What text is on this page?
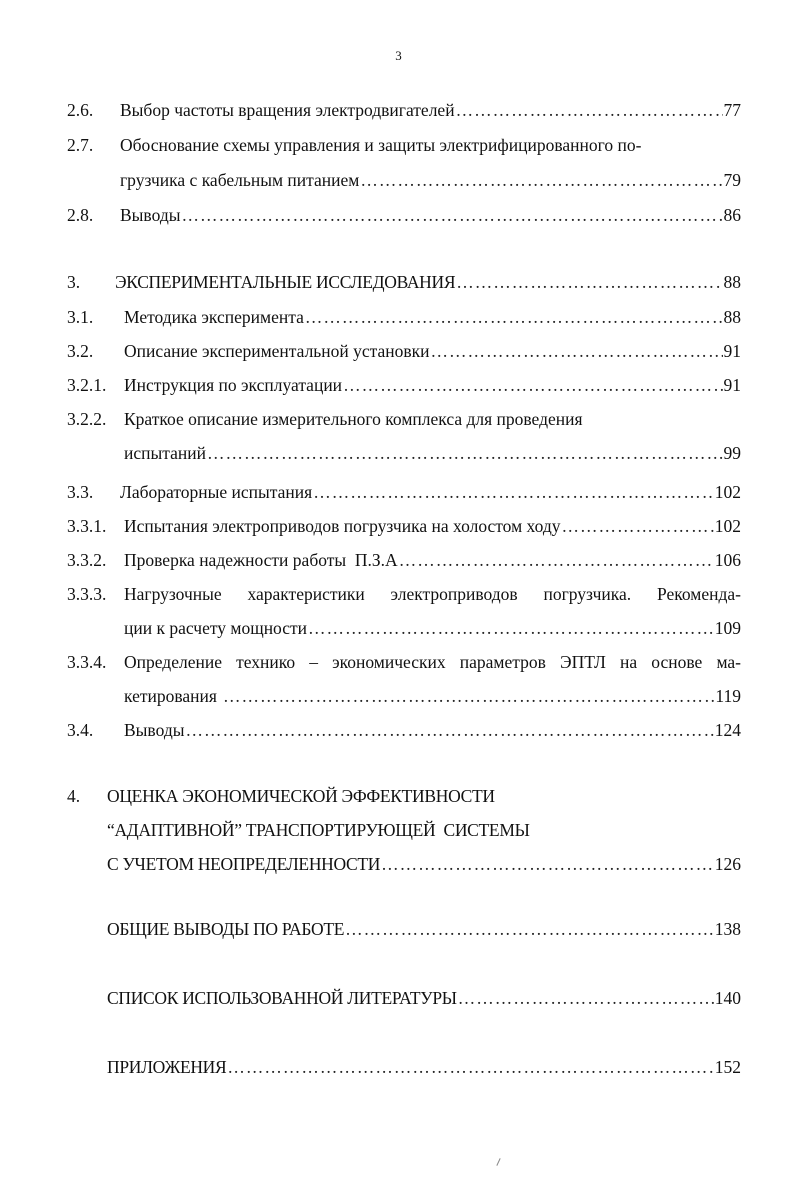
3
2.6.	Выбор частоты вращения электродвигателей ………………………………………………………………………………………………………………………………………………………………………	77
2.7.	Обоснование схемы управления и защиты электрифицированного по-
грузчика с кабельным питанием ………………………………………………………………………………………………………………………………………………………………………	79
2.8.	Выводы ………………………………………………………………………………………………………………………………………………………………………	86
3.	ЭКСПЕРИМЕНТАЛЬНЫЕ ИССЛЕДОВАНИЯ ………………………………………………………………………………………………………………………………………………………………………	88
3.1.	Методика эксперимента ………………………………………………………………………………………………………………………………………………………………………	88
3.2.	Описание экспериментальной установки ………………………………………………………………………………………………………………………………………………………………………	91
3.2.1.	Инструкция по эксплуатации ………………………………………………………………………………………………………………………………………………………………………	91
3.2.2.	Краткое описание измерительного комплекса для проведения
испытаний ………………………………………………………………………………………………………………………………………………………………………	99
3.3.	Лабораторные испытания ………………………………………………………………………………………………………………………………………………………………………	102
3.3.1.	Испытания электроприводов погрузчика на холостом ходу ………………………………………………………………………………………………………………………………………………………………………	102
3.3.2.	Проверка надежности работы  П.З.А ………………………………………………………………………………………………………………………………………………………………………	106
3.3.3.	Нагрузочные характеристики электроприводов погрузчика. Рекоменда-
ции к расчету мощности ………………………………………………………………………………………………………………………………………………………………………	109
3.3.4.	Определение технико – экономических параметров ЭПТЛ на основе ма-
кетирования ………………………………………………………………………………………………………………………………………………………………………	119
3.4.	Выводы ………………………………………………………………………………………………………………………………………………………………………	124
4.	ОЦЕНКА ЭКОНОМИЧЕСКОЙ ЭФФЕКТИВНОСТИ
“АДАПТИВНОЙ” ТРАНСПОРТИРУЮЩЕЙ  СИСТЕМЫ
С УЧЕТОМ НЕОПРЕДЕЛЕННОСТИ ………………………………………………………………………………………………………………………………………………………………………	126
ОБЩИЕ ВЫВОДЫ ПО РАБОТЕ ………………………………………………………………………………………………………………………………………………………………………	138
СПИСОК ИСПОЛЬЗОВАННОЙ ЛИТЕРАТУРЫ ………………………………………………………………………………………………………………………………………………………………………	140
ПРИЛОЖЕНИЯ ………………………………………………………………………………………………………………………………………………………………………	152
